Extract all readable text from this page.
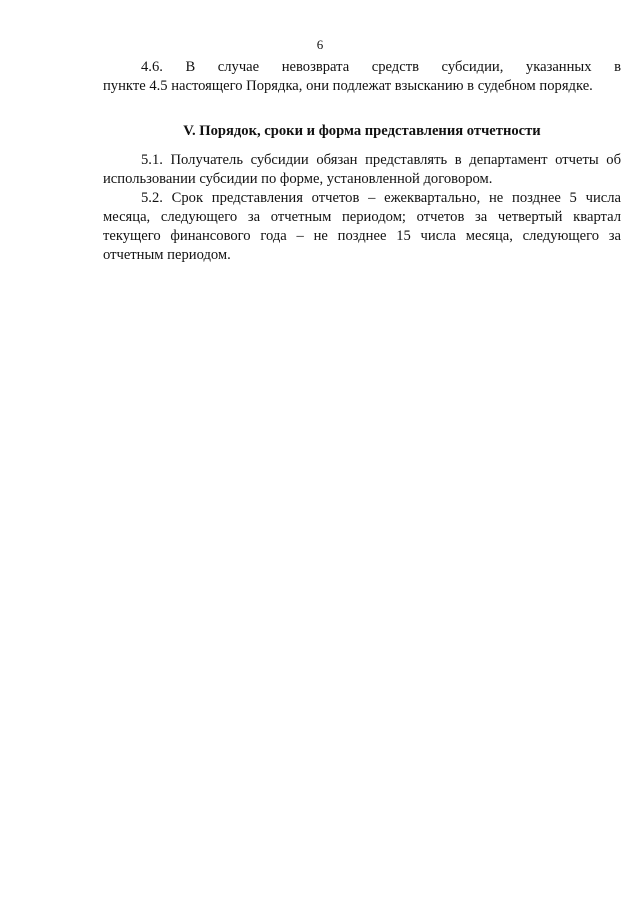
6

4.6. В случае невозврата средств субсидии, указанных в

пункте 4.5 настоящего Порядка, они подлежат взысканию в судебном порядке.

V. Порядок, сроки и форма представления отчетности

5.1. Получатель субсидии обязан представлять в департамент отчеты об использовании субсидии по форме, установленной договором.

5.2. Срок представления отчетов – ежеквартально, не позднее 5 числа месяца, следующего за отчетным периодом; отчетов за четвертый квартал текущего финансового года – не позднее 15 числа месяца, следующего за отчетным периодом.
